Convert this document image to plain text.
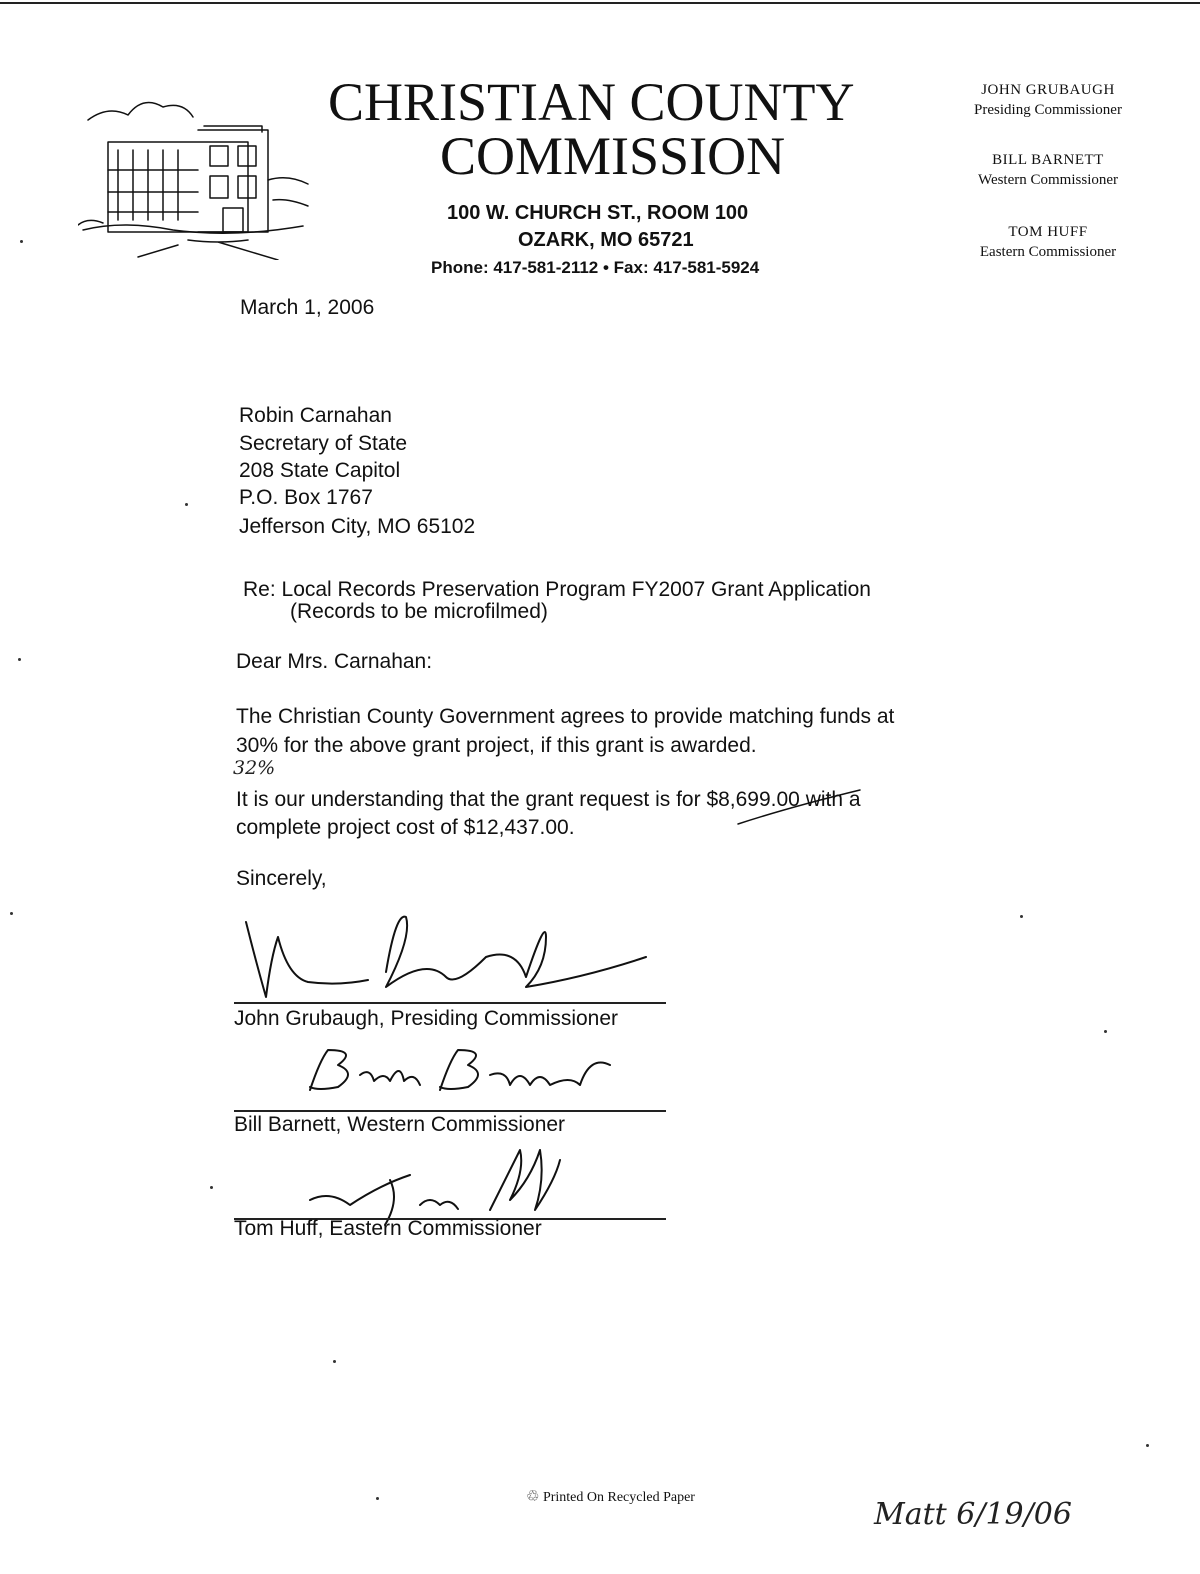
CHRISTIAN COUNTY
COMMISSION
100 W. CHURCH ST., ROOM 100
OZARK, MO 65721
Phone: 417-581-2112 • Fax: 417-581-5924
JOHN GRUBAUGH
Presiding Commissioner
BILL BARNETT
Western Commissioner
TOM HUFF
Eastern Commissioner
March 1, 2006
Robin Carnahan
Secretary of State
208 State Capitol
P.O. Box 1767
Jefferson City, MO 65102
Re: Local Records Preservation Program FY2007 Grant Application
(Records to be microfilmed)
Dear Mrs. Carnahan:
The Christian County Government agrees to provide matching funds at
30% for the above grant project, if this grant is awarded.
32%
It is our understanding that the grant request is for $8,699.00 with a
complete project cost of $12,437.00.
Sincerely,
John Grubaugh, Presiding Commissioner
Bill Barnett, Western Commissioner
Tom Huff, Eastern Commissioner
♲ Printed On Recycled Paper	Matt 6/19/06
